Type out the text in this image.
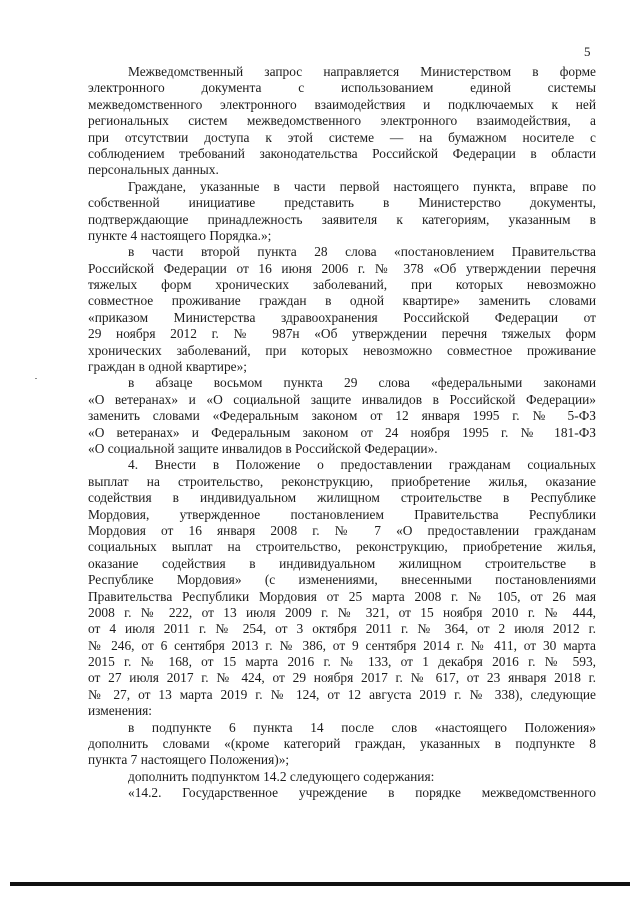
5
Межведомственный запрос направляется Министерством в форме
электронного документа с использованием единой системы
межведомственного электронного взаимодействия и подключаемых к ней
региональных систем межведомственного электронного взаимодействия, а
при отсутствии доступа к этой системе — на бумажном носителе с
соблюдением требований законодательства Российской Федерации в области
персональных данных.
Граждане, указанные в части первой настоящего пункта, вправе по
собственной инициативе представить в Министерство документы,
подтверждающие принадлежность заявителя к категориям, указанным в
пункте 4 настоящего Порядка.»;
в части второй пункта 28 слова «постановлением Правительства
Российской Федерации от 16 июня 2006 г. № 378 «Об утверждении перечня
тяжелых форм хронических заболеваний, при которых невозможно
совместное проживание граждан в одной квартире» заменить словами
«приказом Министерства здравоохранения Российской Федерации от
29 ноября 2012 г. № 987н «Об утверждении перечня тяжелых форм
хронических заболеваний, при которых невозможно совместное проживание
граждан в одной квартире»;
в абзаце восьмом пункта 29 слова «федеральными законами
«О ветеранах» и «О социальной защите инвалидов в Российской Федерации»
заменить словами «Федеральным законом от 12 января 1995 г. № 5-ФЗ
«О ветеранах» и Федеральным законом от 24 ноября 1995 г. № 181-ФЗ
«О социальной защите инвалидов в Российской Федерации».
4. Внести в Положение о предоставлении гражданам социальных
выплат на строительство, реконструкцию, приобретение жилья, оказание
содействия в индивидуальном жилищном строительстве в Республике
Мордовия, утвержденное постановлением Правительства Республики
Мордовия от 16 января 2008 г. № 7 «О предоставлении гражданам
социальных выплат на строительство, реконструкцию, приобретение жилья,
оказание содействия в индивидуальном жилищном строительстве в
Республике Мордовия» (с изменениями, внесенными постановлениями
Правительства Республики Мордовия от 25 марта 2008 г. № 105, от 26 мая
2008 г. № 222, от 13 июля 2009 г. № 321, от 15 ноября 2010 г. № 444,
от 4 июля 2011 г. № 254, от 3 октября 2011 г. № 364, от 2 июля 2012 г.
№ 246, от 6 сентября 2013 г. № 386, от 9 сентября 2014 г. № 411, от 30 марта
2015 г. № 168, от 15 марта 2016 г. № 133, от 1 декабря 2016 г. № 593,
от 27 июля 2017 г. № 424, от 29 ноября 2017 г. № 617, от 23 января 2018 г.
№ 27, от 13 марта 2019 г. № 124, от 12 августа 2019 г. № 338), следующие
изменения:
в подпункте 6 пункта 14 после слов «настоящего Положения»
дополнить словами «(кроме категорий граждан, указанных в подпункте 8
пункта 7 настоящего Положения)»;
дополнить подпунктом 14.2 следующего содержания:
«14.2. Государственное учреждение в порядке межведомственного
